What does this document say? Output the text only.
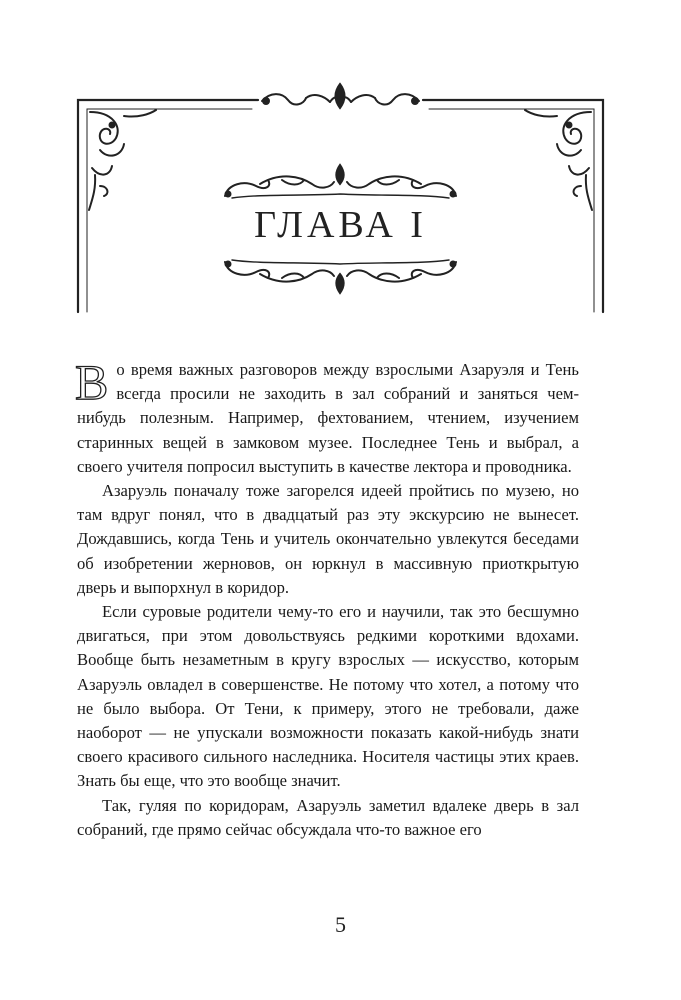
ГЛАВА I

Во время важных разговоров между взрослыми Азаруэля и Тень всегда просили не заходить в зал собраний и заняться чем-нибудь полезным. Например, фехтованием, чтением, изучением старинных вещей в замковом музее. Последнее Тень и выбрал, а своего учителя попросил выступить в качестве лектора и проводника.

Азаруэль поначалу тоже загорелся идеей пройтись по музею, но там вдруг понял, что в двадцатый раз эту экскурсию не вынесет. Дождавшись, когда Тень и учитель окончательно увлекутся беседами об изобретении жерновов, он юркнул в массивную приоткрытую дверь и выпорхнул в коридор.

Если суровые родители чему-то его и научили, так это бесшумно двигаться, при этом довольствуясь редкими короткими вдохами. Вообще быть незаметным в кругу взрослых — искусство, которым Азаруэль овладел в совершенстве. Не потому что хотел, а потому что не было выбора. От Тени, к примеру, этого не требовали, даже наоборот — не упускали возможности показать какой-нибудь знати своего красивого сильного наследника. Носителя частицы этих краев. Знать бы еще, что это вообще значит.

Так, гуляя по коридорам, Азаруэль заметил вдалеке дверь в зал собраний, где прямо сейчас обсуждала что-то важное его

5
